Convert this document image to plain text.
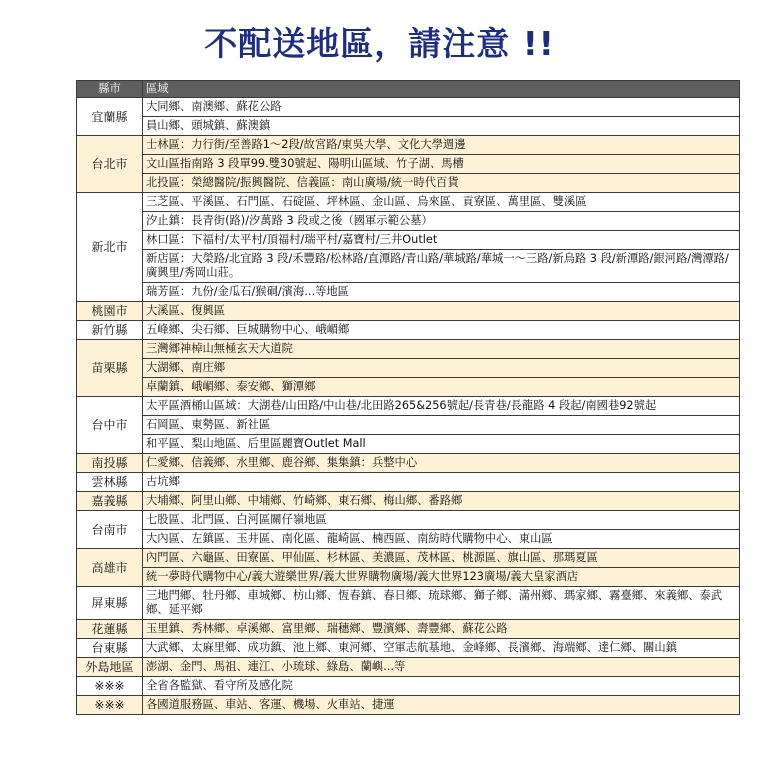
不配送地區，請注意 !!
縣市	區域
宜蘭縣	大同鄉、南澳鄉、蘇花公路
	員山鄉、頭城鎮、蘇澳鎮
台北市	士林區：力行街/至善路1～2段/故宮路/東吳大學、文化大學週邊
	文山區指南路 3 段單99.雙30號起、陽明山區域、竹子湖、馬槽
	北投區：榮總醫院/振興醫院、信義區：南山廣場/統一時代百貨
新北市	三芝區、平溪區、石門區、石碇區、坪林區、金山區、烏來區、貢寮區、萬里區、雙溪區
	汐止鎮：長青街(路)/汐萬路 3 段或之後（國軍示範公墓）
	林口區：下福村/太平村/頂福村/瑞平村/嘉寶村/三井Outlet
	新店區：大榮路/北宜路 3 段/禾豐路/松林路/直潭路/青山路/華城路/華城一～三路/新烏路 3 段/新潭路/銀河路/灣潭路/廣興里/秀岡山莊。
	瑞芳區：九份/金瓜石/猴硐/濱海...等地區
桃園市	大溪區、復興區
新竹縣	五峰鄉、尖石鄉、巨城購物中心、峨嵋鄉
苗栗縣	三灣鄉神棹山無極玄天大道院
	大湖鄉、南庄鄉
	卓蘭鎮、峨嵋鄉、泰安鄉、獅潭鄉
台中市	太平區酒桶山區域：大湖巷/山田路/中山巷/北田路265&256號起/長青巷/長龍路 4 段起/南國巷92號起
	石岡區、東勢區、新社區
	和平區、梨山地區、后里區麗寶Outlet Mall
南投縣	仁愛鄉、信義鄉、水里鄉、鹿谷鄉、集集鎮：兵整中心
雲林縣	古坑鄉
嘉義縣	大埔鄉、阿里山鄉、中埔鄉、竹崎鄉、東石鄉、梅山鄉、番路鄉
台南市	七股區、北門區、白河區關仔嶺地區
	大內區、左鎮區、玉井區、南化區、龍崎區、楠西區、南紡時代購物中心、東山區
高雄市	內門區、六龜區、田寮區、甲仙區、杉林區、美濃區、茂林區、桃源區、旗山區、那瑪夏區
	統一夢時代購物中心/義大遊樂世界/義大世界購物廣場/義大世界123廣場/義大皇家酒店
屏東縣	三地門鄉、牡丹鄉、車城鄉、枋山鄉、恆春鎮、春日鄉、琉球鄉、獅子鄉、滿州鄉、瑪家鄉、霧臺鄉、來義鄉、泰武鄉、延平鄉
花蓮縣	玉里鎮、秀林鄉、卓溪鄉、富里鄉、瑞穗鄉、豐濱鄉、壽豐鄉、蘇花公路
台東縣	大武鄉、太麻里鄉、成功鎮、池上鄉、東河鄉、空軍志航基地、金峰鄉、長濱鄉、海端鄉、達仁鄉、關山鎮
外島地區	澎湖、金門、馬祖、連江、小琉球、綠島、蘭嶼...等
※※※	全省各監獄、看守所及感化院
※※※	各國道服務區、車站、客運、機場、火車站、捷運
